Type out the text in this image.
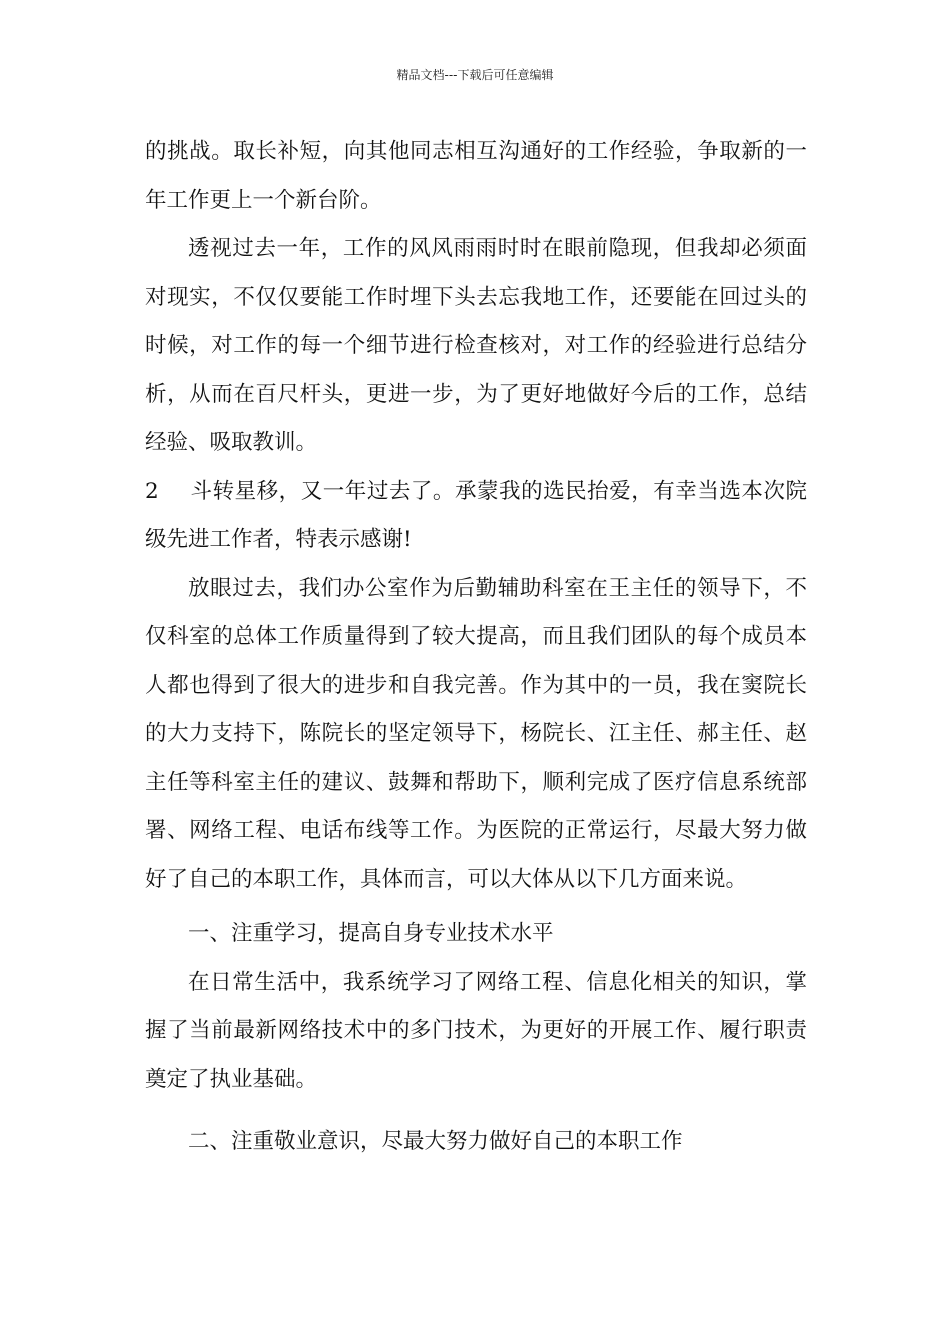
精品文档---下载后可任意编辑

的挑战。取长补短，向其他同志相互沟通好的工作经验，争取新的一年工作更上一个新台阶。

透视过去一年，工作的风风雨雨时时在眼前隐现，但我却必须面对现实，不仅仅要能工作时埋下头去忘我地工作，还要能在回过头的时候，对工作的每一个细节进行检查核对，对工作的经验进行总结分析，从而在百尺杆头，更进一步，为了更好地做好今后的工作，总结经验、吸取教训。

2 斗转星移，又一年过去了。承蒙我的选民抬爱，有幸当选本次院级先进工作者，特表示感谢!

放眼过去，我们办公室作为后勤辅助科室在王主任的领导下，不仅科室的总体工作质量得到了较大提高，而且我们团队的每个成员本人都也得到了很大的进步和自我完善。作为其中的一员，我在窦院长的大力支持下，陈院长的坚定领导下，杨院长、江主任、郝主任、赵主任等科室主任的建议、鼓舞和帮助下，顺利完成了医疗信息系统部署、网络工程、电话布线等工作。为医院的正常运行，尽最大努力做好了自己的本职工作，具体而言，可以大体从以下几方面来说。

一、注重学习，提高自身专业技术水平

在日常生活中，我系统学习了网络工程、信息化相关的知识，掌握了当前最新网络技术中的多门技术，为更好的开展工作、履行职责奠定了执业基础。

二、注重敬业意识，尽最大努力做好自己的本职工作
